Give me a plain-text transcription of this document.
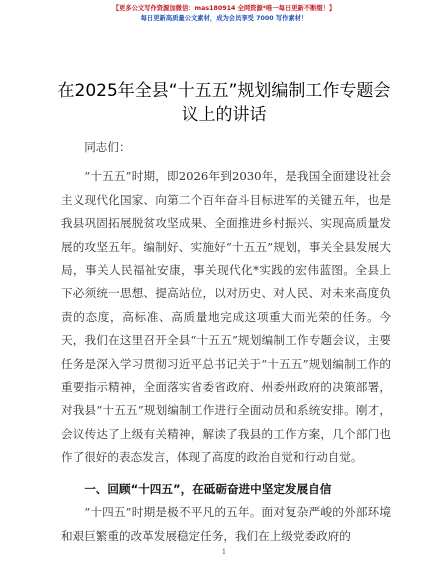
【更多公文写作资源加微信：mas180914 全网资源*唯一每日更新不断缀！】
每日更新高质量公文素材，成为会员享受 7000 写作素材！
在2025年全县“十五五”规划编制工作专题会
议上的讲话

同志们：

“十五五”时期，即2026年到2030年，是我国全面建设社会主义现代化国家、向第二个百年奋斗目标进军的关键五年，也是我县巩固拓展脱贫攻坚成果、全面推进乡村振兴、实现高质量发展的攻坚五年。编制好、实施好“十五五”规划，事关全县发展大局，事关人民福祉安康，事关现代化*实践的宏伟蓝图。全县上下必须统一思想、提高站位，以对历史、对人民、对未来高度负责的态度，高标准、高质量地完成这项重大而光荣的任务。今天，我们在这里召开全县“十五五”规划编制工作专题会议，主要任务是深入学习贯彻习近平总书记关于“十五五”规划编制工作的重要指示精神，全面落实省委省政府、州委州政府的决策部署，对我县“十五五”规划编制工作进行全面动员和系统安排。刚才，会议传达了上级有关精神，解读了我县的工作方案，几个部门也作了很好的表态发言，体现了高度的政治自觉和行动自觉。

一、回顾“十四五”，在砥砺奋进中坚定发展自信

“十四五”时期是极不平凡的五年。面对复杂严峻的外部环境和艰巨繁重的改革发展稳定任务，我们在上级党委政府的

1
